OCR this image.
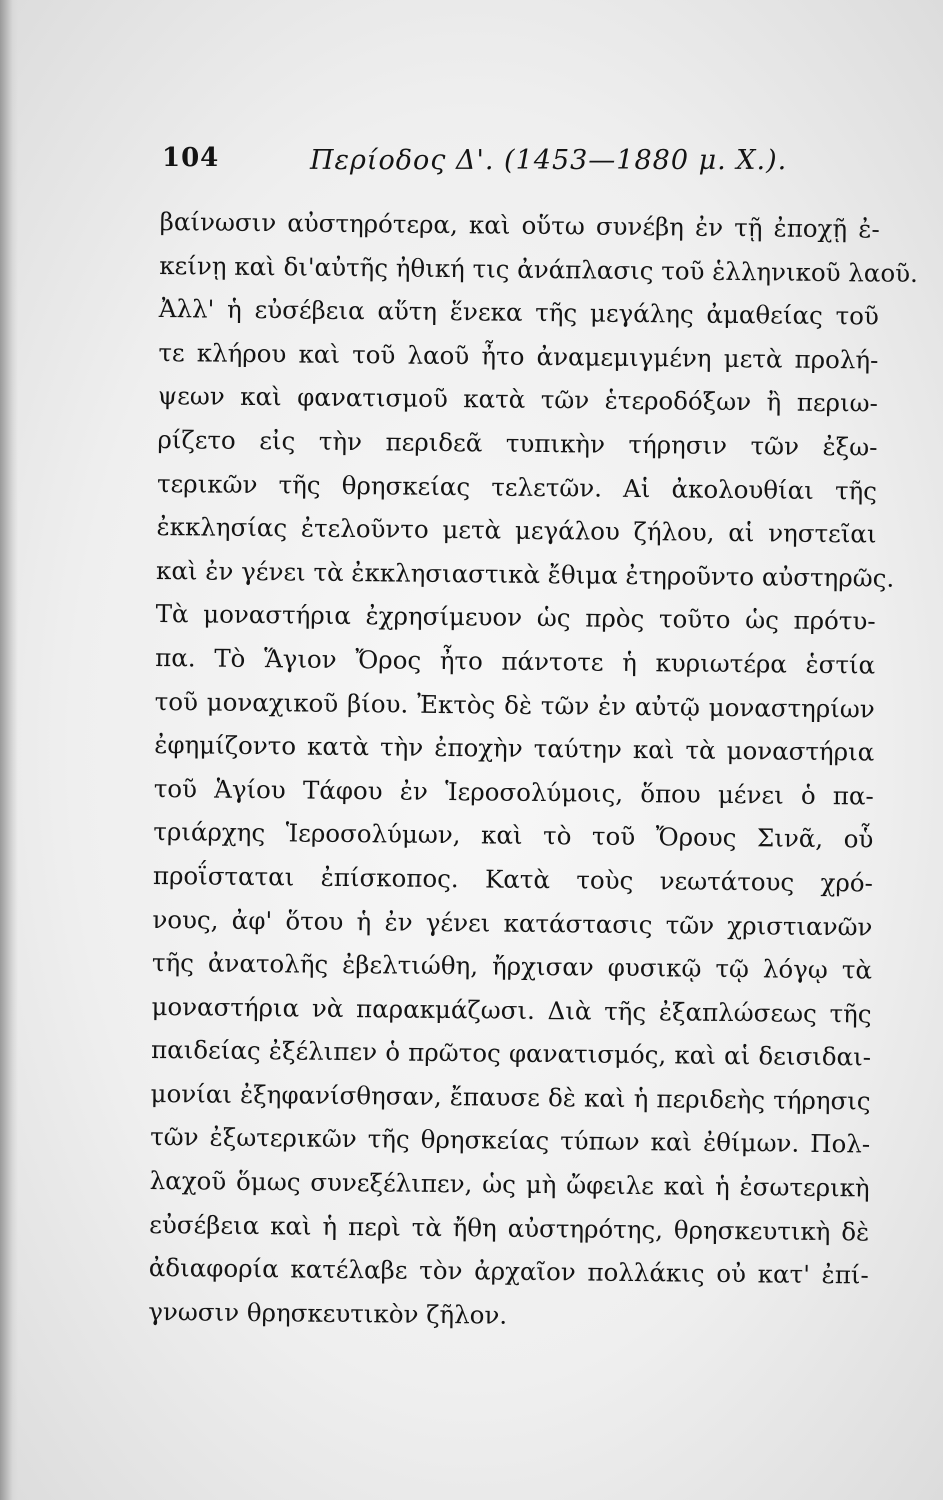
104	Περίοδος Δ'. (1453—1880 μ. Χ.).
βαίνωσιν αὐστηρότερα, καὶ οὕτω συνέβη ἐν τῇ ἐποχῇ ἐ-
κείνῃ καὶ δι'αὐτῆς ἠθική τις ἀνάπλασις τοῦ ἑλληνικοῦ λαοῦ.
Ἀλλ' ἡ εὐσέβεια αὕτη ἕνεκα τῆς μεγάλης ἀμαθείας τοῦ
τε κλήρου καὶ τοῦ λαοῦ ἦτο ἀναμεμιγμένη μετὰ προλή-
ψεων καὶ φανατισμοῦ κατὰ τῶν ἑτεροδόξων ἢ περιω-
ρίζετο εἰς τὴν περιδεᾶ τυπικὴν τήρησιν τῶν ἐξω-
τερικῶν τῆς θρησκείας τελετῶν. Αἱ ἀκολουθίαι τῆς
ἐκκλησίας ἐτελοῦντο μετὰ μεγάλου ζήλου, αἱ νηστεῖαι
καὶ ἐν γένει τὰ ἐκκλησιαστικὰ ἔθιμα ἐτηροῦντο αὐστηρῶς.
Τὰ μοναστήρια ἐχρησίμευον ὡς πρὸς τοῦτο ὡς πρότυ-
πα. Τὸ Ἅγιον Ὄρος ἦτο πάντοτε ἡ κυριωτέρα ἑστία
τοῦ μοναχικοῦ βίου. Ἐκτὸς δὲ τῶν ἐν αὐτῷ μοναστηρίων
ἐφημίζοντο κατὰ τὴν ἐποχὴν ταύτην καὶ τὰ μοναστήρια
τοῦ Ἁγίου Τάφου ἐν Ἱεροσολύμοις, ὅπου μένει ὁ πα-
τριάρχης Ἱεροσολύμων, καὶ τὸ τοῦ Ὄρους Σινᾶ, οὗ
προΐσταται ἐπίσκοπος. Κατὰ τοὺς νεωτάτους χρό-
νους, ἀφ' ὅτου ἡ ἐν γένει κατάστασις τῶν χριστιανῶν
τῆς ἀνατολῆς ἐβελτιώθη, ἤρχισαν φυσικῷ τῷ λόγῳ τὰ
μοναστήρια νὰ παρακμάζωσι. Διὰ τῆς ἐξαπλώσεως τῆς
παιδείας ἐξέλιπεν ὁ πρῶτος φανατισμός, καὶ αἱ δεισιδαι-
μονίαι ἐξηφανίσθησαν, ἔπαυσε δὲ καὶ ἡ περιδεὴς τήρησις
τῶν ἐξωτερικῶν τῆς θρησκείας τύπων καὶ ἐθίμων. Πολ-
λαχοῦ ὅμως συνεξέλιπεν, ὡς μὴ ὤφειλε καὶ ἡ ἐσωτερικὴ
εὐσέβεια καὶ ἡ περὶ τὰ ἤθη αὐστηρότης, θρησκευτικὴ δὲ
ἀδιαφορία κατέλαβε τὸν ἀρχαῖον πολλάκις οὐ κατ' ἐπί-
γνωσιν θρησκευτικὸν ζῆλον.
